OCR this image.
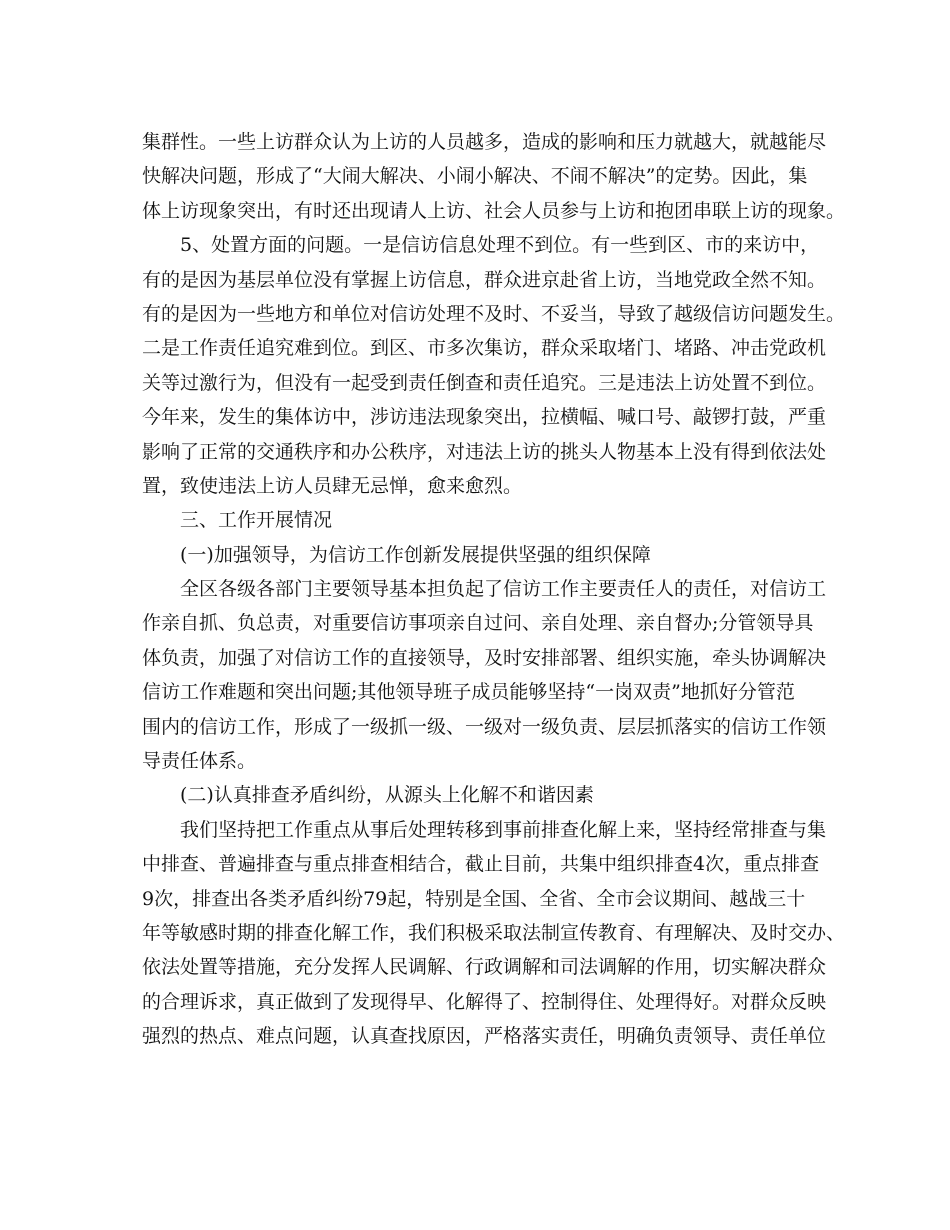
集群性。一些上访群众认为上访的人员越多，造成的影响和压力就越大，就越能尽
快解决问题，形成了“大闹大解决、小闹小解决、不闹不解决”的定势。因此，集
体上访现象突出，有时还出现请人上访、社会人员参与上访和抱团串联上访的现象。
5、处置方面的问题。一是信访信息处理不到位。有一些到区、市的来访中，
有的是因为基层单位没有掌握上访信息，群众进京赴省上访，当地党政全然不知。
有的是因为一些地方和单位对信访处理不及时、不妥当，导致了越级信访问题发生。
二是工作责任追究难到位。到区、市多次集访，群众采取堵门、堵路、冲击党政机
关等过激行为，但没有一起受到责任倒查和责任追究。三是违法上访处置不到位。
今年来，发生的集体访中，涉访违法现象突出，拉横幅、喊口号、敲锣打鼓，严重
影响了正常的交通秩序和办公秩序，对违法上访的挑头人物基本上没有得到依法处
置，致使违法上访人员肆无忌惮，愈来愈烈。
三、工作开展情况
(一)加强领导，为信访工作创新发展提供坚强的组织保障
全区各级各部门主要领导基本担负起了信访工作主要责任人的责任，对信访工
作亲自抓、负总责，对重要信访事项亲自过问、亲自处理、亲自督办;分管领导具
体负责，加强了对信访工作的直接领导，及时安排部署、组织实施，牵头协调解决
信访工作难题和突出问题;其他领导班子成员能够坚持“一岗双责”地抓好分管范
围内的信访工作，形成了一级抓一级、一级对一级负责、层层抓落实的信访工作领
导责任体系。
(二)认真排查矛盾纠纷，从源头上化解不和谐因素
我们坚持把工作重点从事后处理转移到事前排查化解上来，坚持经常排查与集
中排查、普遍排查与重点排查相结合，截止目前，共集中组织排查4次，重点排查
9次，排查出各类矛盾纠纷79起，特别是全国、全省、全市会议期间、越战三十
年等敏感时期的排查化解工作，我们积极采取法制宣传教育、有理解决、及时交办、
依法处置等措施，充分发挥人民调解、行政调解和司法调解的作用，切实解决群众
的合理诉求，真正做到了发现得早、化解得了、控制得住、处理得好。对群众反映
强烈的热点、难点问题，认真查找原因，严格落实责任，明确负责领导、责任单位
